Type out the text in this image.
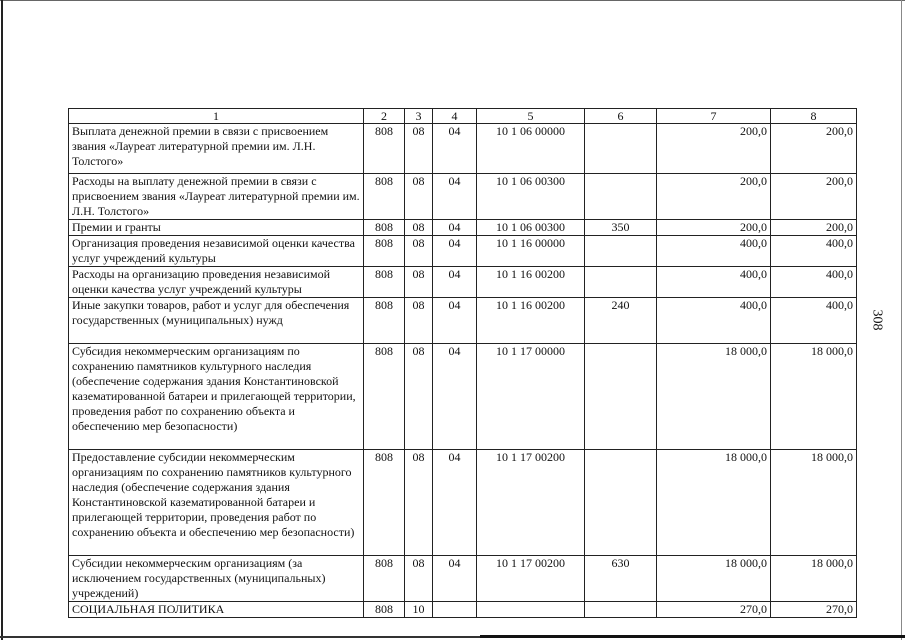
308
1	2	3	4	5	6	7	8
Выплата денежной премии в связи с присвоением звания «Лауреат литературной премии им. Л.Н. Толстого»	808	08	04	10 1 06 00000		200,0	200,0
Расходы на выплату денежной премии в связи с присвоением звания «Лауреат литературной премии им. Л.Н. Толстого»	808	08	04	10 1 06 00300		200,0	200,0
Премии и гранты	808	08	04	10 1 06 00300	350	200,0	200,0
Организация проведения независимой оценки качества услуг учреждений культуры	808	08	04	10 1 16 00000		400,0	400,0
Расходы на организацию проведения независимой оценки качества услуг учреждений культуры	808	08	04	10 1 16 00200		400,0	400,0
Иные закупки товаров, работ и услуг для обеспечения государственных (муниципальных) нужд	808	08	04	10 1 16 00200	240	400,0	400,0
Субсидия некоммерческим организациям по сохранению памятников культурного наследия (обеспечение содержания здания Константиновской казематированной батареи и прилегающей территории, проведения работ по сохранению объекта и обеспечению мер безопасности)	808	08	04	10 1 17 00000		18 000,0	18 000,0
Предоставление субсидии некоммерческим организациям по сохранению памятников культурного наследия (обеспечение содержания здания Константиновской казематированной батареи и прилегающей территории, проведения работ по сохранению объекта и обеспечению мер безопасности)	808	08	04	10 1 17 00200		18 000,0	18 000,0
Субсидии некоммерческим организациям (за исключением государственных (муниципальных) учреждений)	808	08	04	10 1 17 00200	630	18 000,0	18 000,0
СОЦИАЛЬНАЯ ПОЛИТИКА	808	10				270,0	270,0
